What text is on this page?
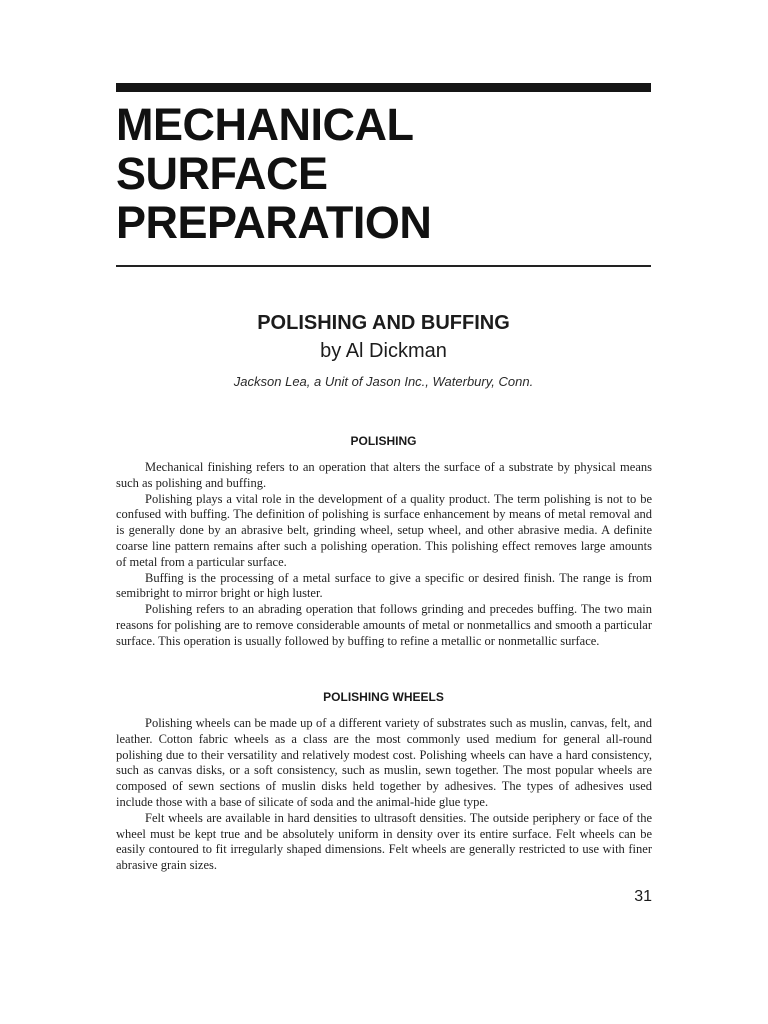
MECHANICAL
SURFACE
PREPARATION
POLISHING AND BUFFING
by Al Dickman
Jackson Lea, a Unit of Jason Inc., Waterbury, Conn.
POLISHING

Mechanical finishing refers to an operation that alters the surface of a substrate by physical means such as polishing and buffing.

Polishing plays a vital role in the development of a quality product. The term polishing is not to be confused with buffing. The definition of polishing is surface enhancement by means of metal removal and is generally done by an abrasive belt, grinding wheel, setup wheel, and other abrasive media. A definite coarse line pattern remains after such a polishing operation. This polishing effect removes large amounts of metal from a particular surface.

Buffing is the processing of a metal surface to give a specific or desired finish. The range is from semibright to mirror bright or high luster.

Polishing refers to an abrading operation that follows grinding and precedes buffing. The two main reasons for polishing are to remove considerable amounts of metal or nonmetallics and smooth a particular surface. This operation is usually followed by buffing to refine a metallic or nonmetallic surface.

POLISHING WHEELS

Polishing wheels can be made up of a different variety of substrates such as muslin, canvas, felt, and leather. Cotton fabric wheels as a class are the most commonly used medium for general all-round polishing due to their versatility and relatively modest cost. Polishing wheels can have a hard consistency, such as canvas disks, or a soft consistency, such as muslin, sewn together. The most popular wheels are composed of sewn sections of muslin disks held together by adhesives. The types of adhesives used include those with a base of silicate of soda and the animal-hide glue type.

Felt wheels are available in hard densities to ultrasoft densities. The outside periphery or face of the wheel must be kept true and be absolutely uniform in density over its entire surface. Felt wheels can be easily contoured to fit irregularly shaped dimensions. Felt wheels are generally restricted to use with finer abrasive grain sizes.

31
